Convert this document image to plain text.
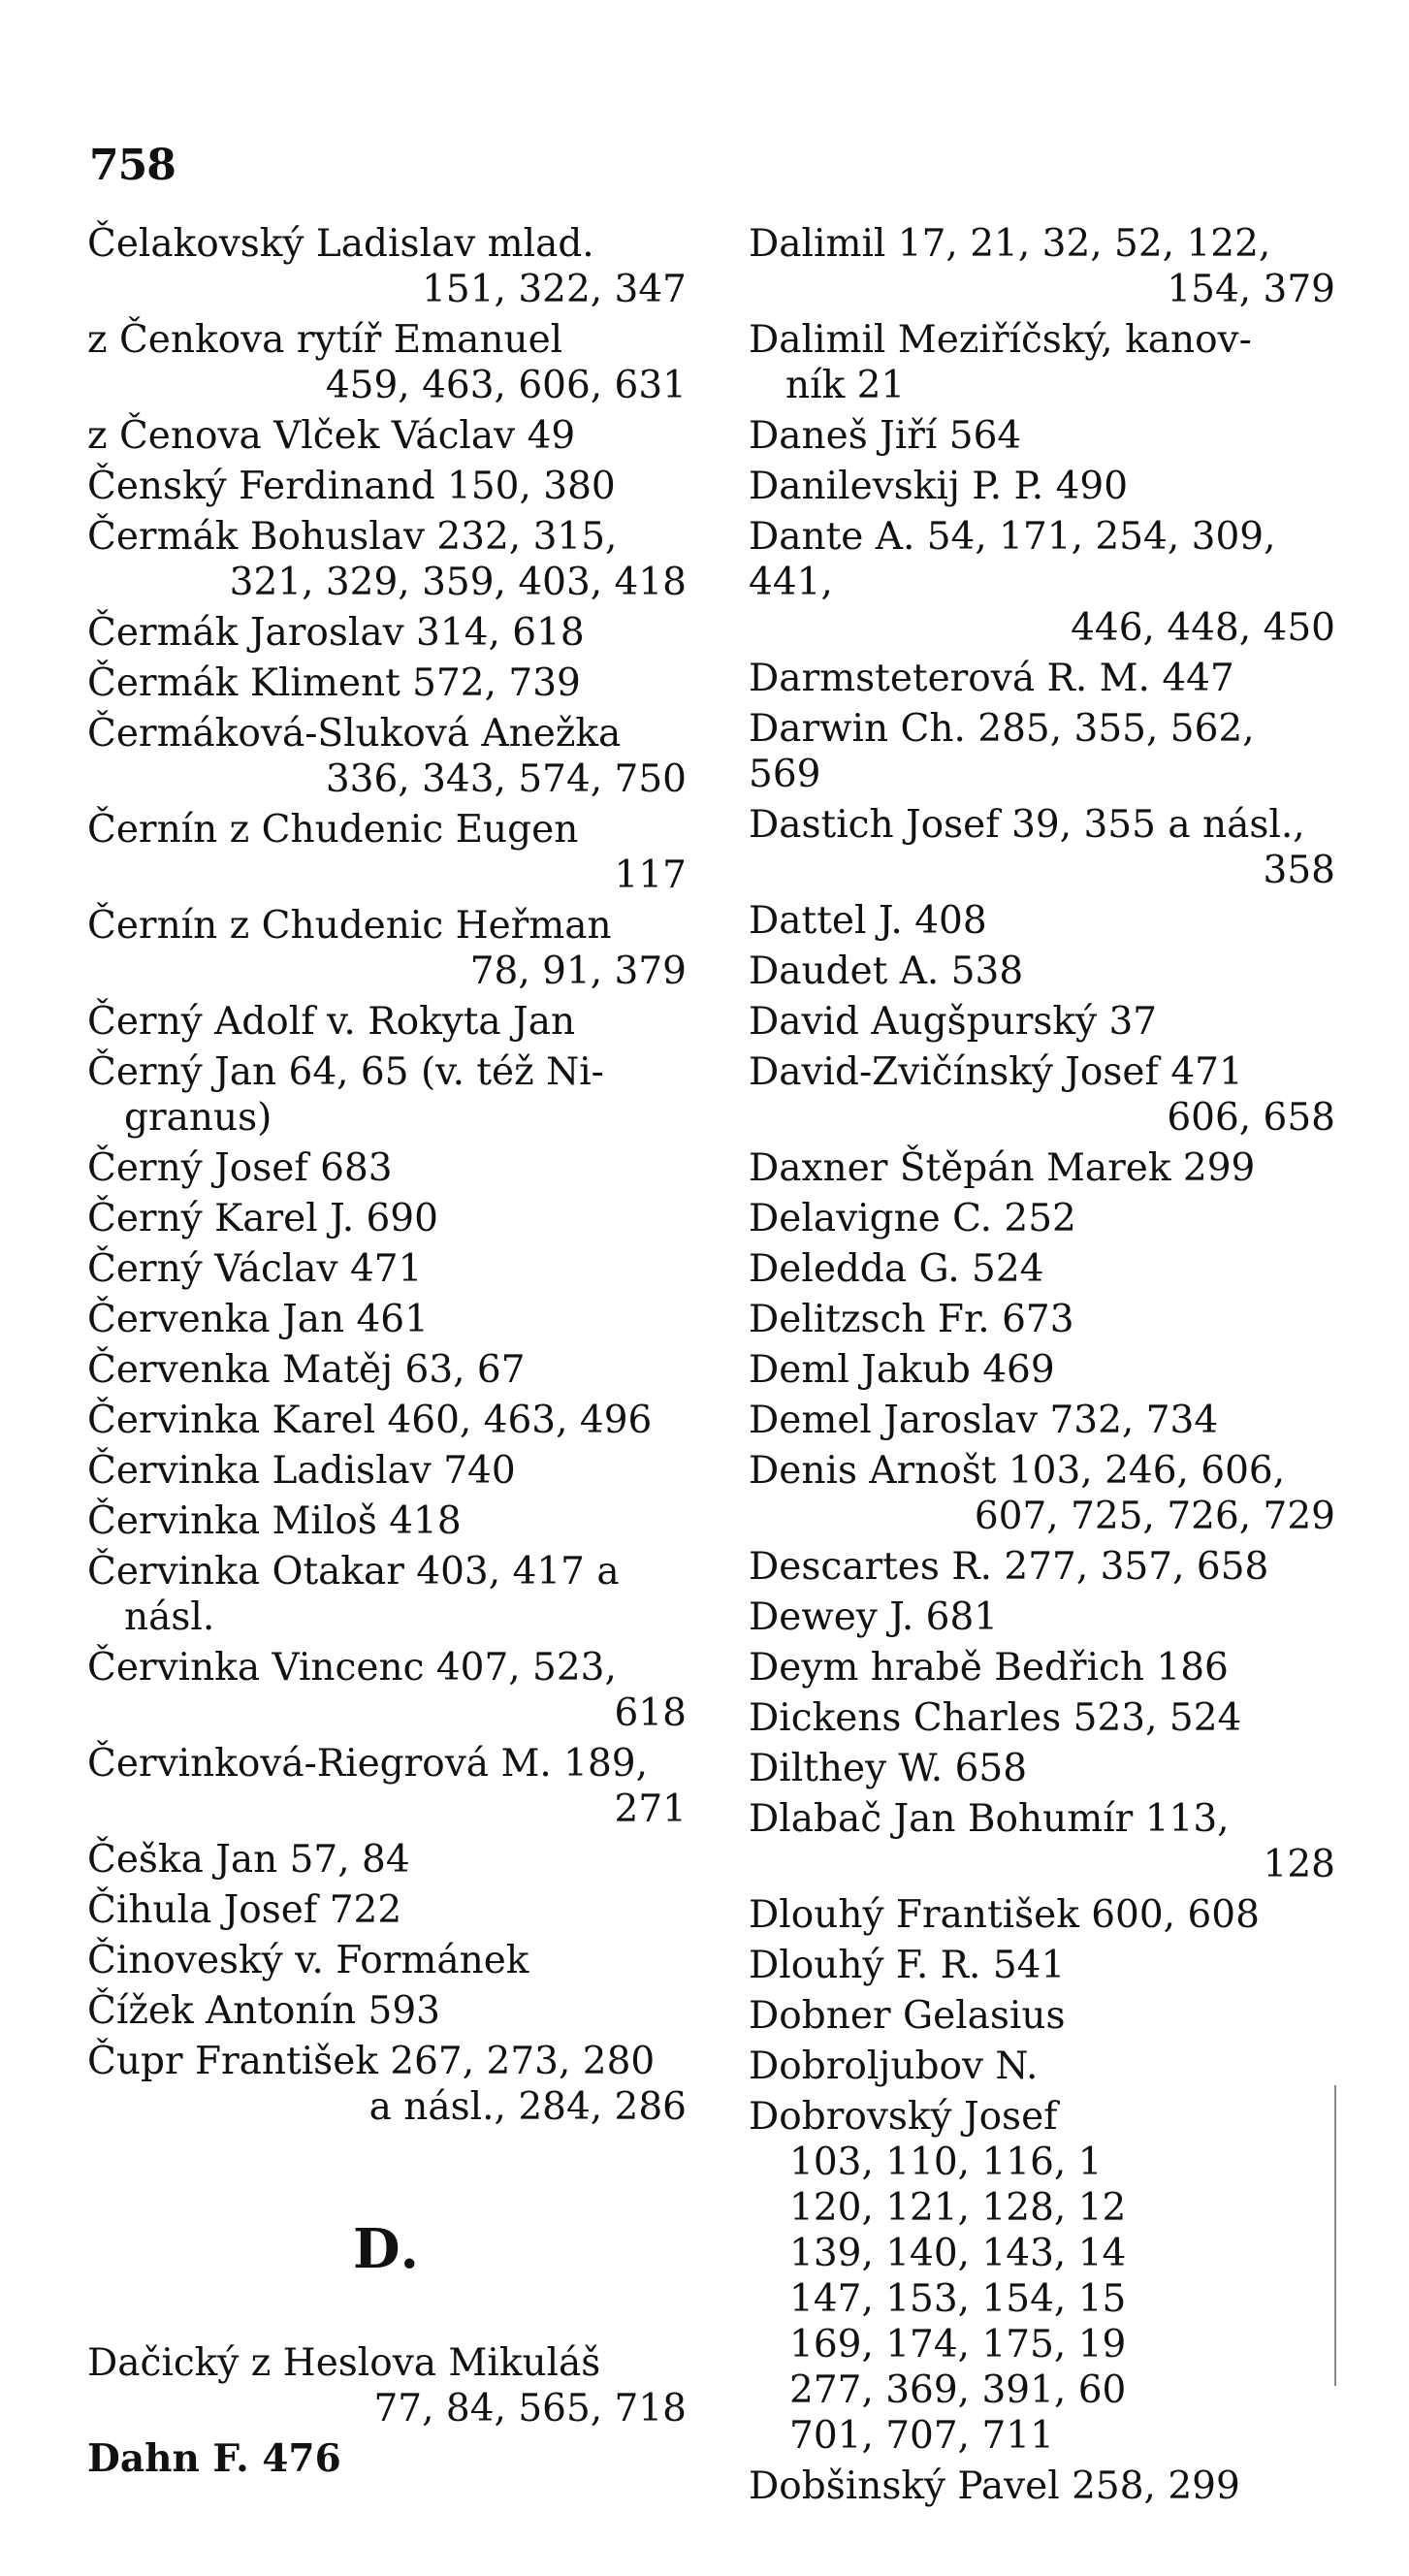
758
Čelakovský Ladislav mlad.
151, 322, 347
z Čenkova rytíř Emanuel
459, 463, 606, 631
z Čenova Vlček Václav 49
Čenský Ferdinand 150, 380
Čermák Bohuslav 232, 315,
321, 329, 359, 403, 418
Čermák Jaroslav 314, 618
Čermák Kliment 572, 739
Čermáková-Sluková Anežka
336, 343, 574, 750
Černín z Chudenic Eugen
117
Černín z Chudenic Heřman
78, 91, 379
Černý Adolf v. Rokyta Jan
Černý Jan 64, 65 (v. též Ni-
granus)
Černý Josef 683
Černý Karel J. 690
Černý Václav 471
Červenka Jan 461
Červenka Matěj 63, 67
Červinka Karel 460, 463, 496
Červinka Ladislav 740
Červinka Miloš 418
Červinka Otakar 403, 417 a
násl.
Červinka Vincenc 407, 523,
618
Červinková-Riegrová M. 189,
271
Češka Jan 57, 84
Čihula Josef 722
Činoveský v. Formánek
Čížek Antonín 593
Čupr František 267, 273, 280
a násl., 284, 286
D.
Dačický z Heslova Mikuláš
77, 84, 565, 718
Dahn F. 476
Dalimil 17, 21, 32, 52, 122,
154, 379
Dalimil Meziříčský, kanov-
ník 21
Daneš Jiří 564
Danilevskij P. P. 490
Dante A. 54, 171, 254, 309, 441,
446, 448, 450
Darmsteterová R. M. 447
Darwin Ch. 285, 355, 562, 569
Dastich Josef 39, 355 a násl.,
358
Dattel J. 408
Daudet A. 538
David Augšpurský 37
David-Zvičínský Josef 471
606, 658
Daxner Štěpán Marek 299
Delavigne C. 252
Deledda G. 524
Delitzsch Fr. 673
Deml Jakub 469
Demel Jaroslav 732, 734
Denis Arnošt 103, 246, 606,
607, 725, 726, 729
Descartes R. 277, 357, 658
Dewey J. 681
Deym hrabě Bedřich 186
Dickens Charles 523, 524
Dilthey W. 658
Dlabač Jan Bohumír 113,
128
Dlouhý František 600, 608
Dlouhý F. R. 541
Dobner Gelasius
Dobroljubov N.
Dobrovský Josef
103, 110, 116, 1
120, 121, 128, 12
139, 140, 143, 14
147, 153, 154, 15
169, 174, 175, 19
277, 369, 391, 60
701, 707, 711
Dobšinský Pavel 258, 299
